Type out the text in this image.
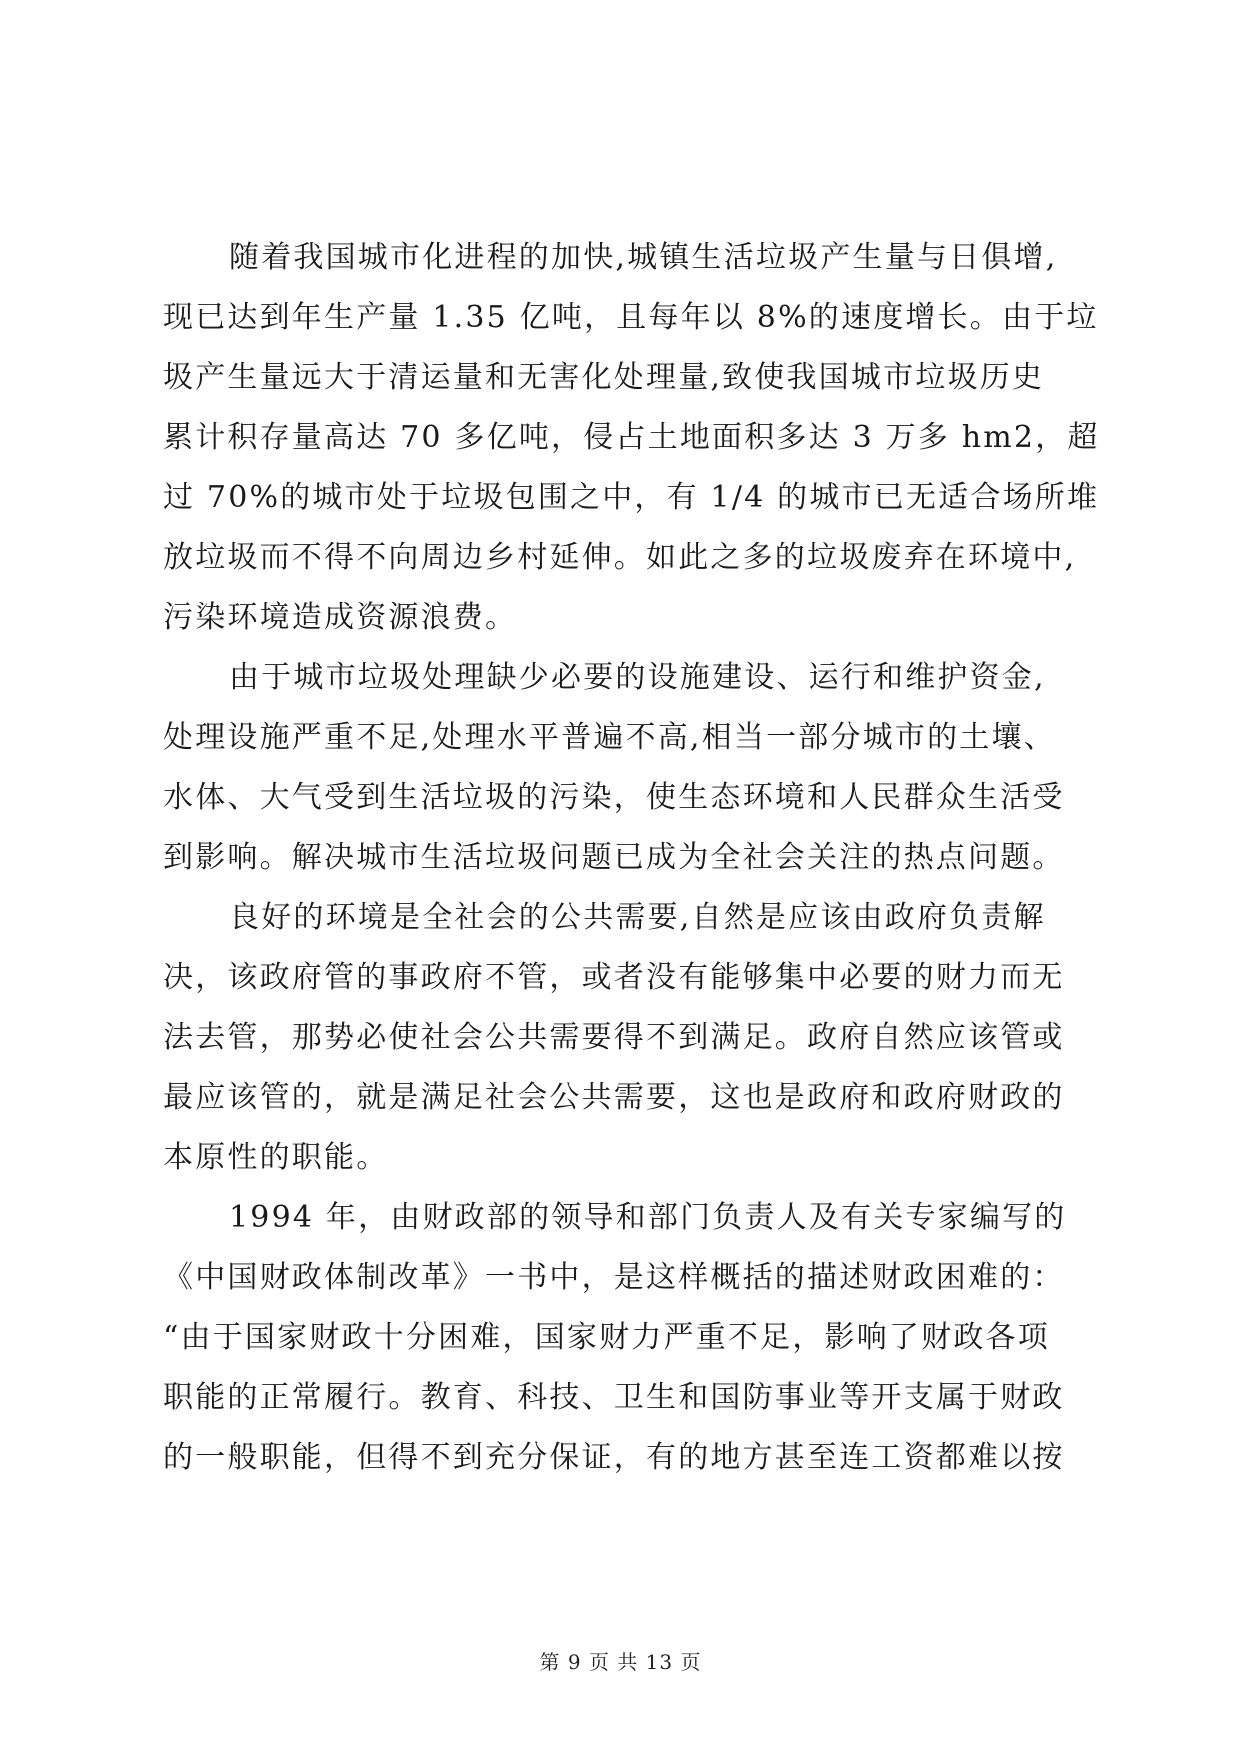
随着我国城市化进程的加快,城镇生活垃圾产生量与日俱增,
现已达到年生产量 1.35 亿吨，且每年以 8%的速度增长。由于垃
圾产生量远大于清运量和无害化处理量,致使我国城市垃圾历史
累计积存量高达 70 多亿吨，侵占土地面积多达 3 万多 hm2，超
过 70%的城市处于垃圾包围之中，有 1/4 的城市已无适合场所堆
放垃圾而不得不向周边乡村延伸。如此之多的垃圾废弃在环境中,
污染环境造成资源浪费。
由于城市垃圾处理缺少必要的设施建设、运行和维护资金,
处理设施严重不足,处理水平普遍不高,相当一部分城市的土壤、
水体、大气受到生活垃圾的污染，使生态环境和人民群众生活受
到影响。解决城市生活垃圾问题已成为全社会关注的热点问题。
良好的环境是全社会的公共需要,自然是应该由政府负责解
决，该政府管的事政府不管，或者没有能够集中必要的财力而无
法去管，那势必使社会公共需要得不到满足。政府自然应该管或
最应该管的，就是满足社会公共需要，这也是政府和政府财政的
本原性的职能。
1994 年，由财政部的领导和部门负责人及有关专家编写的
《中国财政体制改革》一书中，是这样概括的描述财政困难的：
“由于国家财政十分困难，国家财力严重不足，影响了财政各项
职能的正常履行。教育、科技、卫生和国防事业等开支属于财政
的一般职能，但得不到充分保证，有的地方甚至连工资都难以按
第 9 页 共 13 页
